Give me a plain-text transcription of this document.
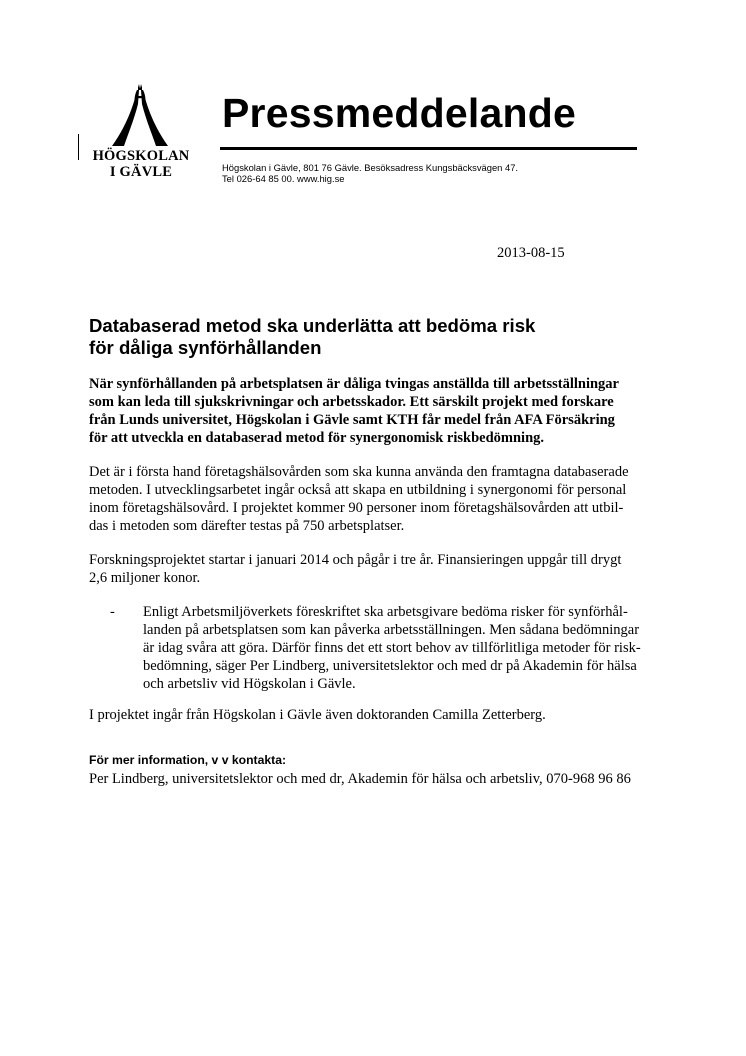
HÖGSKOLAN
I GÄVLE
Pressmeddelande
Högskolan i Gävle, 801 76 Gävle. Besöksadress Kungsbäcksvägen 47.
Tel 026-64 85 00. www.hig.se
2013-08-15
Databaserad metod ska underlätta att bedöma risk
för dåliga synförhållanden
När synförhållanden på arbetsplatsen är dåliga tvingas anställda till arbetsställningar
som kan leda till sjukskrivningar och arbetsskador. Ett särskilt projekt med forskare
från Lunds universitet, Högskolan i Gävle samt KTH får medel från AFA Försäkring
för att utveckla en databaserad metod för synergonomisk riskbedömning.
Det är i första hand företagshälsovården som ska kunna använda den framtagna databaserade
metoden. I utvecklingsarbetet ingår också att skapa en utbildning i synergonomi för personal
inom företagshälsovård. I projektet kommer 90 personer inom företagshälsovården att utbil-
das i metoden som därefter testas på 750 arbetsplatser.
Forskningsprojektet startar i januari 2014 och pågår i tre år. Finansieringen uppgår till drygt
2,6 miljoner konor.
- Enligt Arbetsmiljöverkets föreskriftet ska arbetsgivare bedöma risker för synförhål-
landen på arbetsplatsen som kan påverka arbetsställningen. Men sådana bedömningar
är idag svåra att göra. Därför finns det ett stort behov av tillförlitliga metoder för risk-
bedömning, säger Per Lindberg, universitetslektor och med dr på Akademin för hälsa
och arbetsliv vid Högskolan i Gävle.
I projektet ingår från Högskolan i Gävle även doktoranden Camilla Zetterberg.
För mer information, v v kontakta:
Per Lindberg, universitetslektor och med dr, Akademin för hälsa och arbetsliv, 070-968 96 86
